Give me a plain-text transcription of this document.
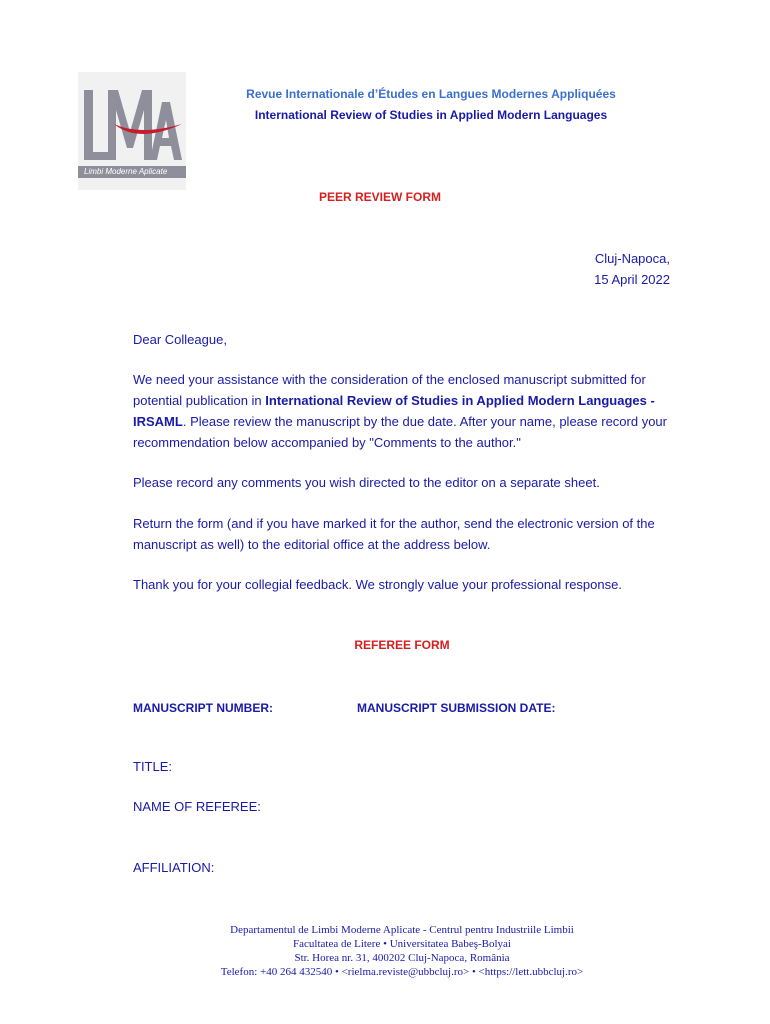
Limbi Moderne Aplicate
Revue Internationale d’Études en Langues Modernes Appliquées
International Review of Studies in Applied Modern Languages
PEER REVIEW FORM
Cluj-Napoca,
15 April 2022
Dear Colleague,
We need your assistance with the consideration of the enclosed manuscript submitted for potential publication in International Review of Studies in Applied Modern Languages - IRSAML. Please review the manuscript by the due date. After your name, please record your recommendation below accompanied by "Comments to the author."
Please record any comments you wish directed to the editor on a separate sheet.
Return the form (and if you have marked it for the author, send the electronic version of the manuscript as well) to the editorial office at the address below.
Thank you for your collegial feedback. We strongly value your professional response.
REFEREE FORM
MANUSCRIPT NUMBER:	MANUSCRIPT SUBMISSION DATE:
TITLE:
NAME OF REFEREE:
AFFILIATION:
Departamentul de Limbi Moderne Aplicate - Centrul pentru Industriile Limbii
Facultatea de Litere • Universitatea Babeş-Bolyai
Str. Horea nr. 31, 400202 Cluj-Napoca, România
Telefon: +40 264 432540 • <rielma.reviste@ubbcluj.ro> • <https://lett.ubbcluj.ro>
